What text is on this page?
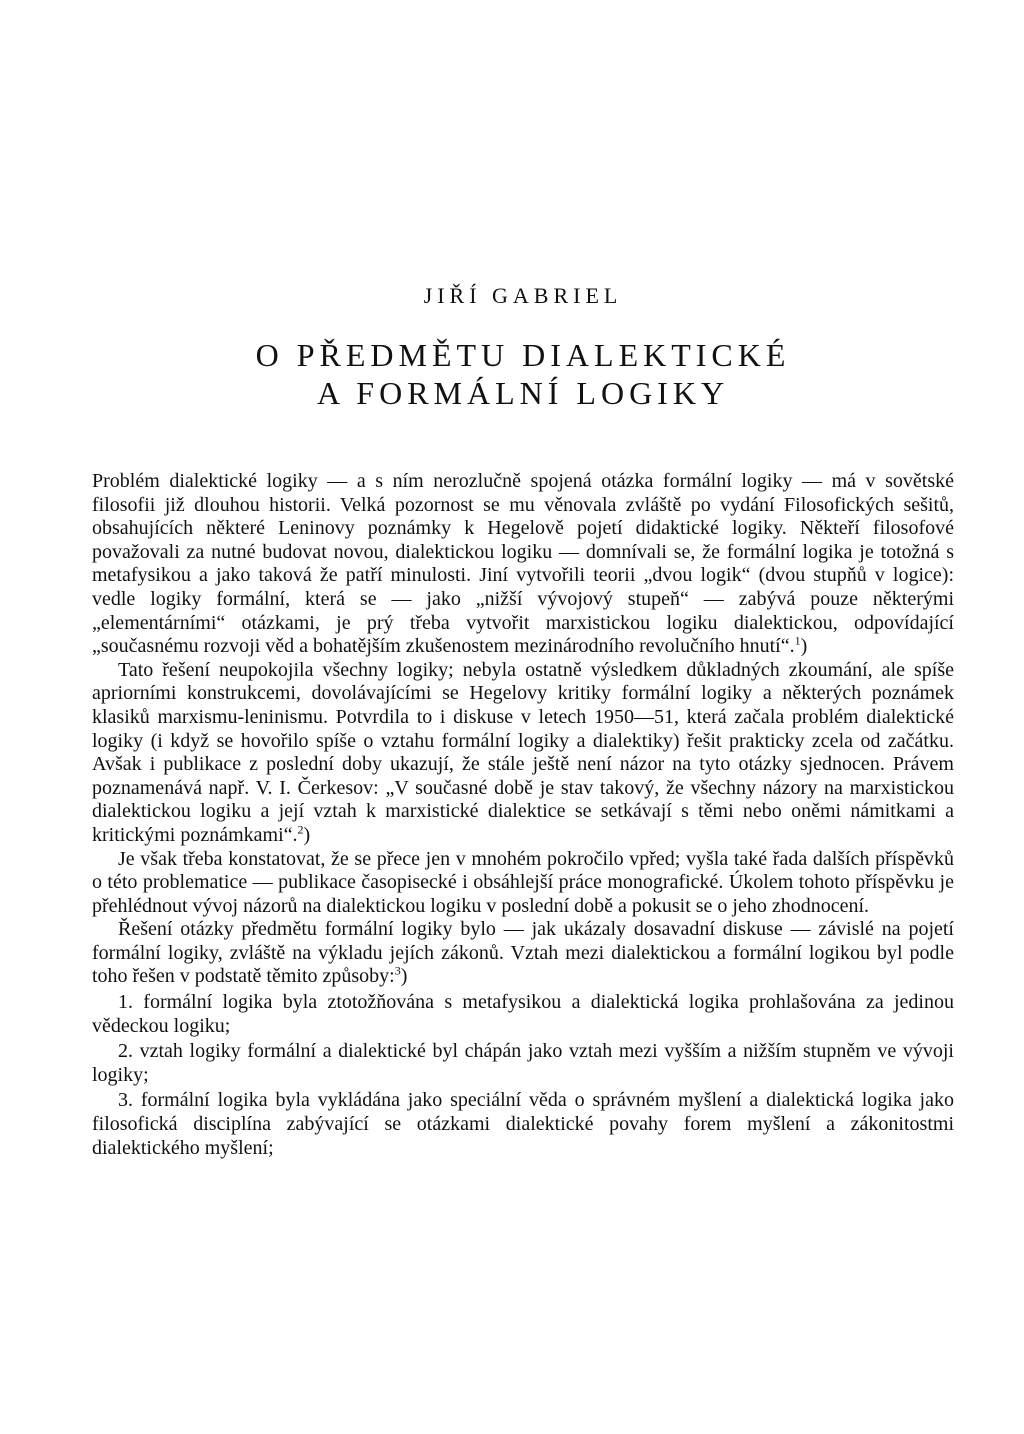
JIŘÍ GABRIEL
O PŘEDMĚTU DIALEKTICKÉ
A FORMÁLNÍ LOGIKY

Problém dialektické logiky — a s ním nerozlučně spojená otázka formální logiky — má v sovětské filosofii již dlouhou historii. Velká pozornost se mu věnovala zvláště po vydání Filosofických sešitů, obsahujících některé Leninovy poznámky k Hegelově pojetí didaktické logiky. Někteří filosofové považovali za nutné budovat novou, dialektickou logiku — domnívali se, že formální logika je totožná s metafysikou a jako taková že patří minulosti. Jiní vytvořili teorii „dvou logik“ (dvou stupňů v logice): vedle logiky formální, která se — jako „nižší vývojový stupeň“ — zabývá pouze některými „elementárními“ otázkami, je prý třeba vytvořit marxistickou logiku dialektickou, odpovídající „současnému rozvoji věd a bohatějším zkušenostem mezinárodního revolučního hnutí“.$^1$)

Tato řešení neupokojila všechny logiky; nebyla ostatně výsledkem důkladných zkoumání, ale spíše apriorními konstrukcemi, dovolávajícími se Hegelovy kritiky formální logiky a některých poznámek klasiků marxismu-leninismu. Potvrdila to i diskuse v letech 1950—51, která začala problém dialektické logiky (i když se hovořilo spíše o vztahu formální logiky a dialektiky) řešit prakticky zcela od začátku. Avšak i publikace z poslední doby ukazují, že stále ještě není názor na tyto otázky sjednocen. Právem poznamenává např. V. I. Čerkesov: „V současné době je stav takový, že všechny názory na marxistickou dialektickou logiku a její vztah k marxistické dialektice se setkávají s těmi nebo oněmi námitkami a kritickými poznámkami“.$^2$)

Je však třeba konstatovat, že se přece jen v mnohém pokročilo vpřed; vyšla také řada dalších příspěvků o této problematice — publikace časopisecké i obsáhlejší práce monografické. Úkolem tohoto příspěvku je přehlédnout vývoj názorů na dialektickou logiku v poslední době a pokusit se o jeho zhodnocení.

Řešení otázky předmětu formální logiky bylo — jak ukázaly dosavadní diskuse — závislé na pojetí formální logiky, zvláště na výkladu jejích zákonů. Vztah mezi dialektickou a formální logikou byl podle toho řešen v podstatě těmito způsoby:$^3$)

1. formální logika byla ztotožňována s metafysikou a dialektická logika prohlašována za jedinou vědeckou logiku;

2. vztah logiky formální a dialektické byl chápán jako vztah mezi vyšším a nižším stupněm ve vývoji logiky;

3. formální logika byla vykládána jako speciální věda o správném myšlení a dialektická logika jako filosofická disciplína zabývající se otázkami dialektické povahy forem myšlení a zákonitostmi dialektického myšlení;
